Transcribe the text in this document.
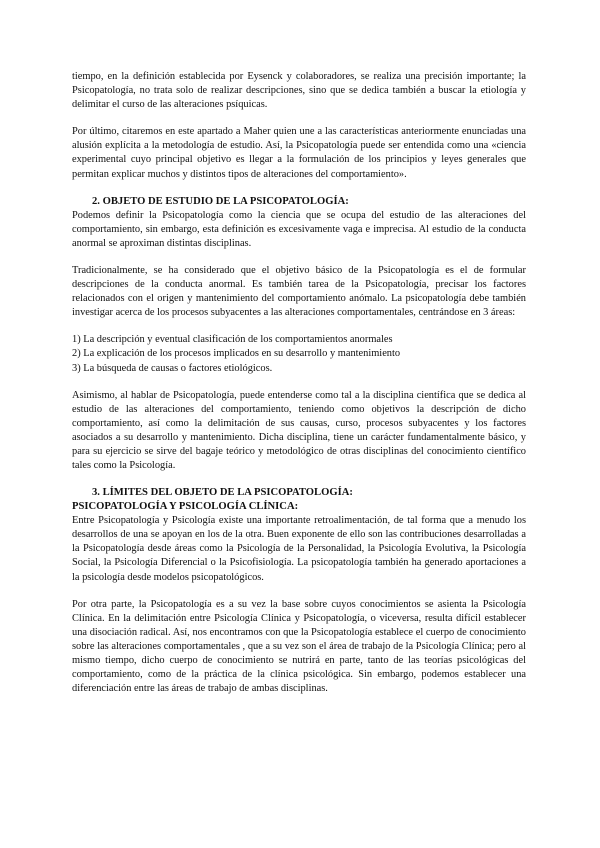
tiempo, en la definición establecida por Eysenck y colaboradores, se realiza una precisión importante; la Psicopatología, no trata solo de realizar descripciones, sino que se dedica también a buscar la etiología y delimitar el curso de las alteraciones psíquicas.

Por último, citaremos en este apartado a Maher quien une a las características anteriormente enunciadas una alusión explícita a la metodología de estudio. Así, la Psicopatología puede ser entendida como una «ciencia experimental cuyo principal objetivo es llegar a la formulación de los principios y leyes generales que permitan explicar muchos y distintos tipos de alteraciones del comportamiento».

2. OBJETO DE ESTUDIO DE LA PSICOPATOLOGÍA:

Podemos definir la Psicopatología como la ciencia que se ocupa del estudio de las alteraciones del comportamiento, sin embargo, esta definición es excesivamente vaga e imprecisa. Al estudio de la conducta anormal se aproximan distintas disciplinas.

Tradicionalmente, se ha considerado que el objetivo básico de la Psicopatología es el de formular descripciones de la conducta anormal. Es también tarea de la Psicopatología, precisar los factores relacionados con el origen y mantenimiento del comportamiento anómalo. La psicopatología debe también investigar acerca de los procesos subyacentes a las alteraciones comportamentales, centrándose en 3 áreas:

1) La descripción y eventual clasificación de los comportamientos anormales

2) La explicación de los procesos implicados en su desarrollo y mantenimiento

3) La búsqueda de causas o factores etiológicos.

Asimismo, al hablar de Psicopatología, puede entenderse como tal a la disciplina científica que se dedica al estudio de las alteraciones del comportamiento, teniendo como objetivos la descripción de dicho comportamiento, así como la delimitación de sus causas, curso, procesos subyacentes y los factores asociados a su desarrollo y mantenimiento. Dicha disciplina, tiene un carácter fundamentalmente básico, y para su ejercicio se sirve del bagaje teórico y metodológico de otras disciplinas del conocimiento científico tales como la Psicología.

3. LÍMITES DEL OBJETO DE LA PSICOPATOLOGÍA:
PSICOPATOLOGÍA Y PSICOLOGÍA CLÍNICA:

Entre Psicopatología y Psicología existe una importante retroalimentación, de tal forma que a menudo los desarrollos de una se apoyan en los de la otra. Buen exponente de ello son las contribuciones desarrolladas a la Psicopatología desde áreas como la Psicología de la Personalidad, la Psicología Evolutiva, la Psicología Social, la Psicología Diferencial o la Psicofisiología. La psicopatología también ha generado aportaciones a la psicología desde modelos psicopatológicos.

Por otra parte, la Psicopatología es a su vez la base sobre cuyos conocimientos se asienta la Psicología Clínica. En la delimitación entre Psicología Clínica y Psicopatología, o viceversa, resulta difícil establecer una disociación radical. Así, nos encontramos con que la Psicopatología establece el cuerpo de conocimiento sobre las alteraciones comportamentales , que a su vez son el área de trabajo de la Psicología Clínica; pero al mismo tiempo, dicho cuerpo de conocimiento se nutrirá en parte, tanto de las teorías psicológicas del comportamiento, como de la práctica de la clínica psicológica. Sin embargo, podemos establecer una diferenciación entre las áreas de trabajo de ambas disciplinas.
